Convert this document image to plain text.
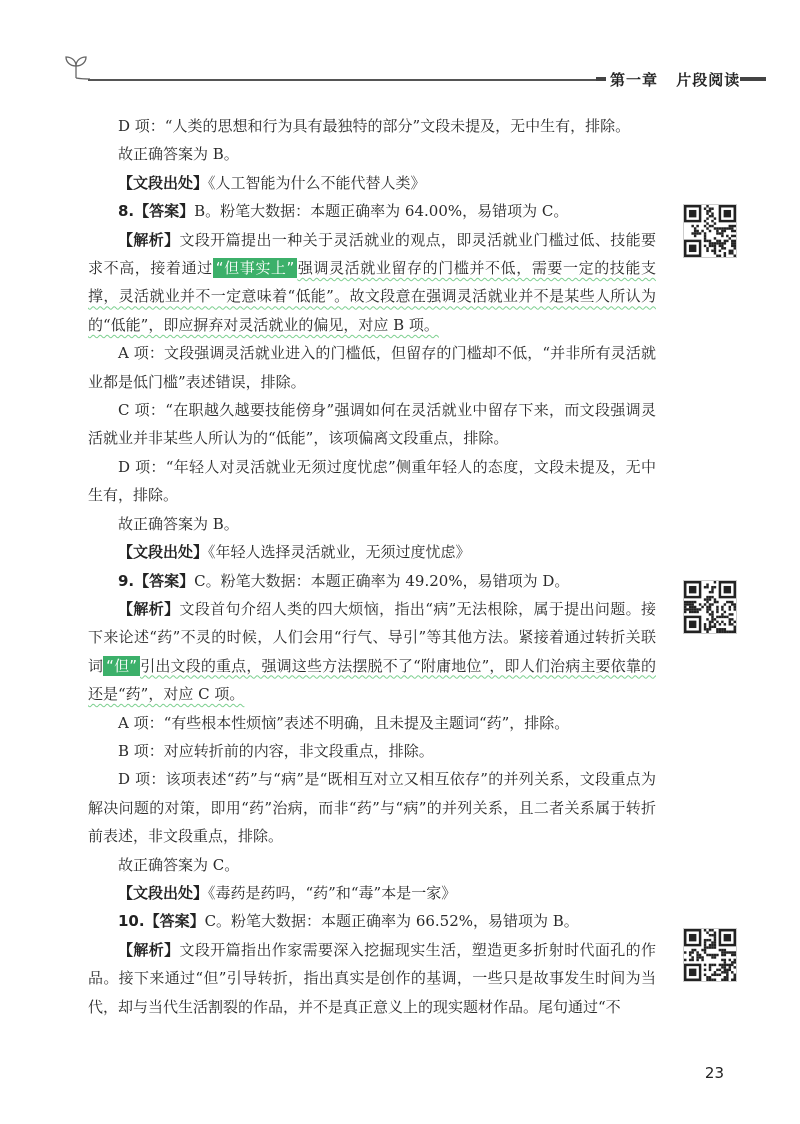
第一章 片段阅读

D 项：“人类的思想和行为具有最独特的部分”文段未提及，无中生有，排除。

故正确答案为 B。

【文段出处】《人工智能为什么不能代替人类》

8.【答案】B。粉笔大数据：本题正确率为 64.00%，易错项为 C。

【解析】文段开篇提出一种关于灵活就业的观点，即灵活就业门槛过低、技能要求不高，接着通过 “但事实上” 强调灵活就业留存的门槛并不低，需要一定的技能支撑，灵活就业并不一定意味着“低能”。故文段意在强调灵活就业并不是某些人所认为的“低能”，即应摒弃对灵活就业的偏见，对应 B 项。

A 项：文段强调灵活就业进入的门槛低，但留存的门槛却不低，“并非所有灵活就业都是低门槛”表述错误，排除。

C 项：“在职越久越要技能傍身”强调如何在灵活就业中留存下来，而文段强调灵活就业并非某些人所认为的“低能”，该项偏离文段重点，排除。

D 项：“年轻人对灵活就业无须过度忧虑”侧重年轻人的态度，文段未提及，无中生有，排除。

故正确答案为 B。

【文段出处】《年轻人选择灵活就业，无须过度忧虑》

9.【答案】C。粉笔大数据：本题正确率为 49.20%，易错项为 D。

【解析】文段首句介绍人类的四大烦恼，指出“病”无法根除，属于提出问题。接下来论述“药”不灵的时候，人们会用“行气、导引”等其他方法。紧接着通过转折关联词 “但” 引出文段的重点，强调这些方法摆脱不了“附庸地位”，即人们治病主要依靠的还是“药”，对应 C 项。

A 项：“有些根本性烦恼”表述不明确，且未提及主题词“药”，排除。

B 项：对应转折前的内容，非文段重点，排除。

D 项：该项表述“药”与“病”是“既相互对立又相互依存”的并列关系，文段重点为解决问题的对策，即用“药”治病，而非“药”与“病”的并列关系，且二者关系属于转折前表述，非文段重点，排除。

故正确答案为 C。

【文段出处】《毒药是药吗，“药”和“毒”本是一家》

10.【答案】C。粉笔大数据：本题正确率为 66.52%，易错项为 B。

【解析】文段开篇指出作家需要深入挖掘现实生活，塑造更多折射时代面孔的作品。接下来通过“但”引导转折，指出真实是创作的基调，一些只是故事发生时间为当代，却与当代生活割裂的作品，并不是真正意义上的现实题材作品。尾句通过“不

23
